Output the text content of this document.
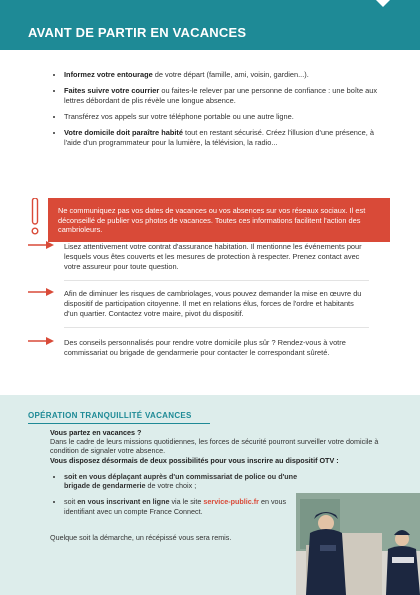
AVANT DE PARTIR EN VACANCES
• Informez votre entourage de votre départ (famille, ami, voisin, gardien...).
• Faites suivre votre courrier ou faites-le relever par une personne de confiance : une boîte aux lettres débordant de plis révèle une longue absence.
• Transférez vos appels sur votre téléphone portable ou une autre ligne.
• Votre domicile doit paraître habité tout en restant sécurisé. Créez l'illusion d'une présence, à l'aide d'un programmateur pour la lumière, la télévision, la radio...
Ne communiquez pas vos dates de vacances ou vos absences sur vos réseaux sociaux. Il est déconseillé de publier vos photos de vacances. Toutes ces informations facilitent l'action des cambrioleurs.
Lisez attentivement votre contrat d'assurance habitation. Il mentionne les événements pour lesquels vous êtes couverts et les mesures de protection à respecter. Prenez contact avec votre assureur pour toute question.
Afin de diminuer les risques de cambriolages, vous pouvez demander la mise en œuvre du dispositif de participation citoyenne. Il met en relations élus, forces de l'ordre et habitants d'un quartier. Contactez votre maire, pivot du dispositif.
Des conseils personnalisés pour rendre votre domicile plus sûr ? Rendez-vous à votre commissariat ou brigade de gendarmerie pour contacter le correspondant sûreté.
OPÉRATION TRANQUILLITÉ VACANCES
Vous partez en vacances ?
Dans le cadre de leurs missions quotidiennes, les forces de sécurité pourront surveiller votre domicile à condition de signaler votre absence.
Vous disposez désormais de deux possibilités pour vous inscrire au dispositif OTV :
• soit en vous déplaçant auprès d'un commissariat de police ou d'une brigade de gendarmerie de votre choix ;
• soit en vous inscrivant en ligne via le site service-public.fr en vous identifiant avec un compte France Connect.
Quelque soit la démarche, un récépissé vous sera remis.
